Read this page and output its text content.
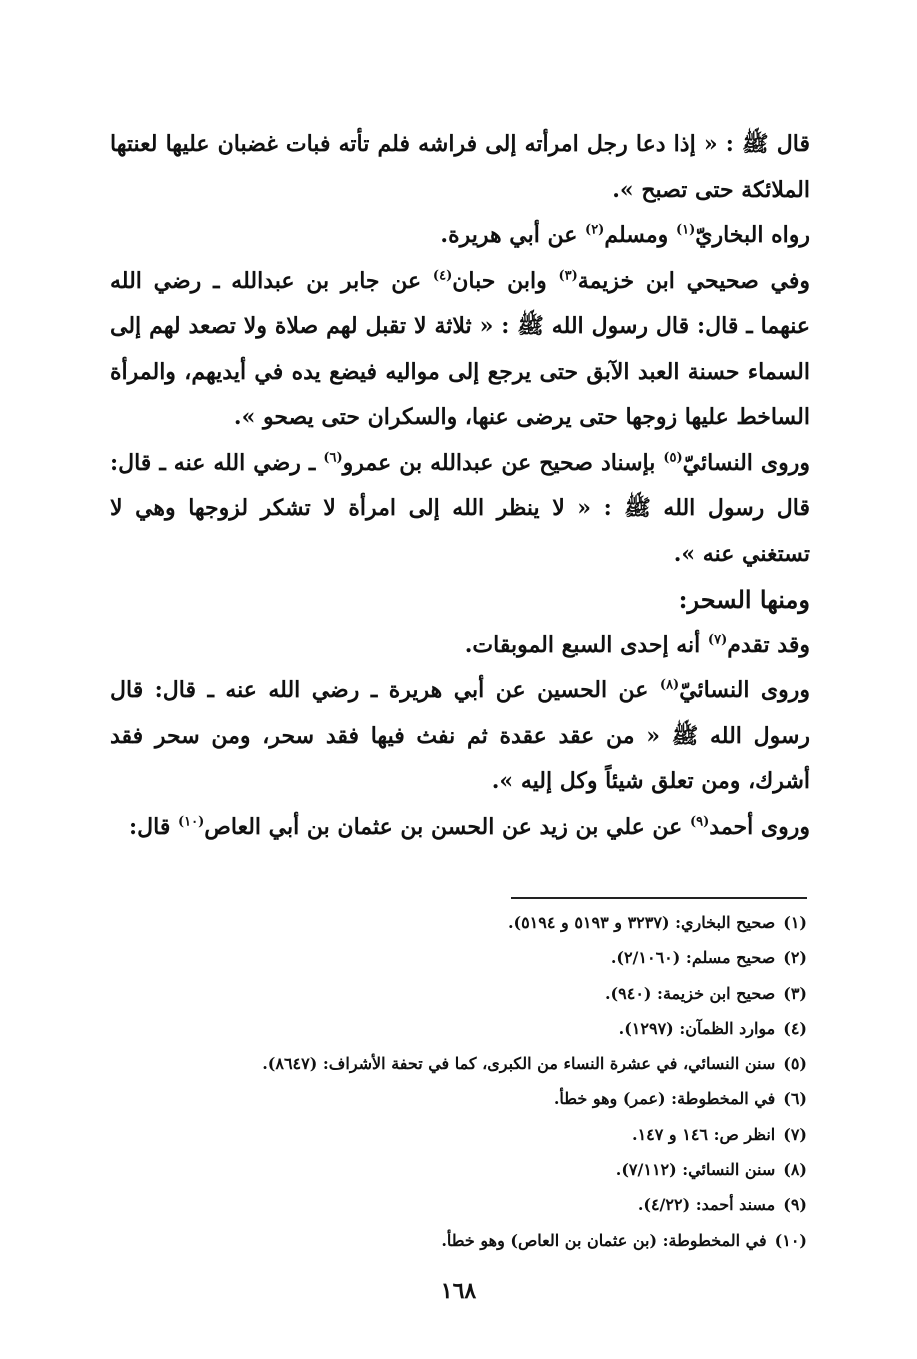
قال ﷺ : « إذا دعا رجل امرأته إلى فراشه فلم تأته فبات غضبان عليها لعنتها الملائكة حتى تصبح ».

رواه البخاريّ$^{(١)}$ ومسلم$^{(٢)}$ عن أبي هريرة.

وفي صحيحي ابن خزيمة$^{(٣)}$ وابن حبان$^{(٤)}$ عن جابر بن عبدالله ـ رضي الله عنهما ـ قال: قال رسول الله ﷺ : « ثلاثة لا تقبل لهم صلاة ولا تصعد لهم إلى السماء حسنة العبد الآبق حتى يرجع إلى مواليه فيضع يده في أيديهم، والمرأة الساخط عليها زوجها حتى يرضى عنها، والسكران حتى يصحو ».

وروى النسائيّ$^{(٥)}$ بإسناد صحيح عن عبدالله بن عمرو$^{(٦)}$ ـ رضي الله عنه ـ قال: قال رسول الله ﷺ : « لا ينظر الله إلى امرأة لا تشكر لزوجها وهي لا تستغني عنه ».

ومنها السحر:

وقد تقدم$^{(٧)}$ أنه إحدى السبع الموبقات.

وروى النسائيّ$^{(٨)}$ عن الحسين عن أبي هريرة ـ رضي الله عنه ـ قال: قال رسول الله ﷺ « من عقد عقدة ثم نفث فيها فقد سحر، ومن سحر فقد أشرك، ومن تعلق شيئاً وكل إليه ».

وروى أحمد$^{(٩)}$ عن علي بن زيد عن الحسن بن عثمان بن أبي العاص$^{(١٠)}$ قال:

(١)صحيح البخاري: (٣٢٣٧ و ٥١٩٣ و ٥١٩٤).
(٢)صحيح مسلم: (٢/١٠٦٠).
(٣)صحيح ابن خزيمة: (٩٤٠).
(٤)موارد الظمآن: (١٢٩٧).
(٥)سنن النسائي، في عشرة النساء من الكبرى، كما في تحفة الأشراف: (٨٦٤٧).
(٦)في المخطوطة: (عمر) وهو خطأ.
(٧)انظر ص: ١٤٦ و ١٤٧.
(٨)سنن النسائي: (٧/١١٢).
(٩)مسند أحمد: (٤/٢٢).
(١٠)في المخطوطة: (بن عثمان بن العاص) وهو خطأ.
١٦٨
